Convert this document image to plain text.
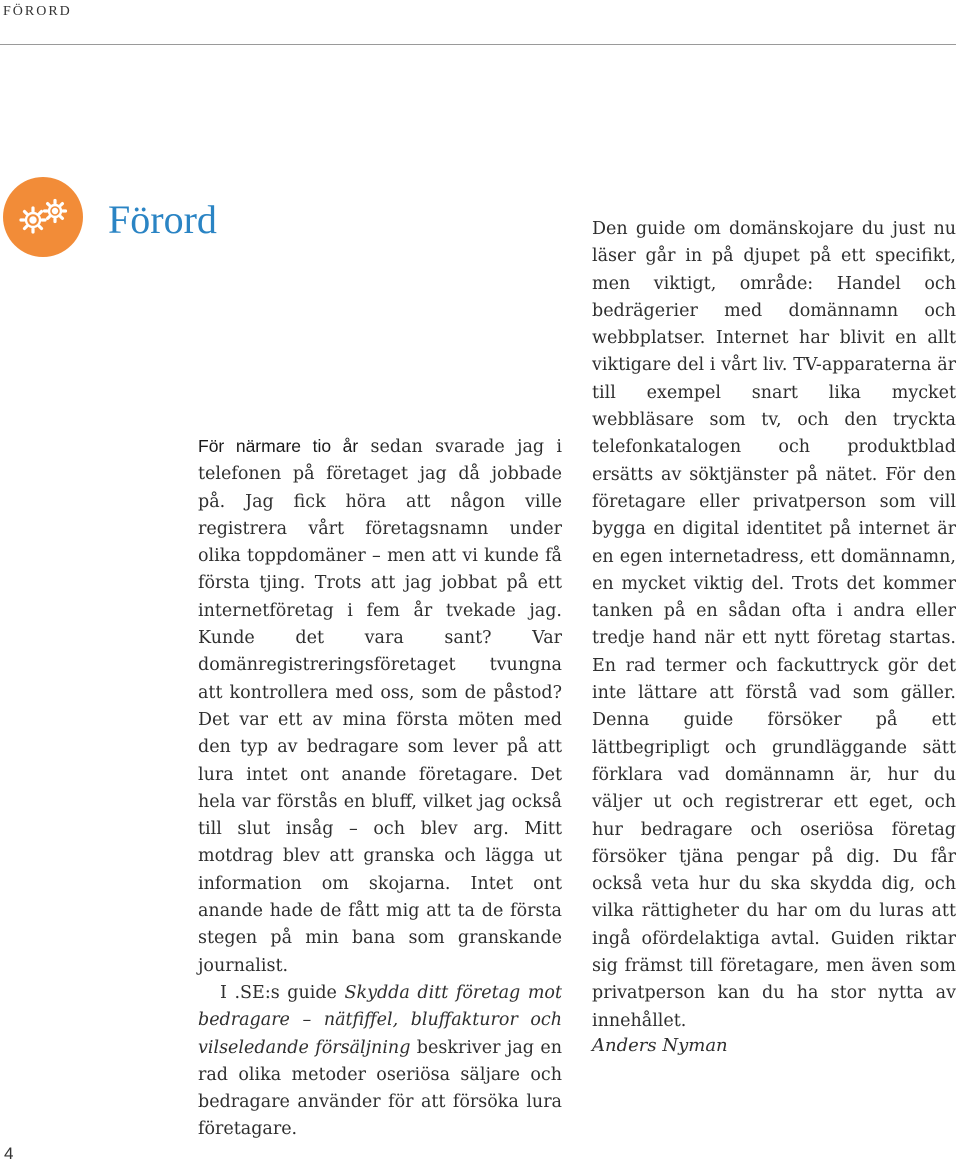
FÖRORD
Förord

För närmare tio år sedan svarade jag i telefonen på företaget jag då jobbade på. Jag fick höra att någon ville registrera vårt företagsnamn under olika toppdomäner – men att vi kunde få första tjing. Trots att jag jobbat på ett internetföretag i fem år tvekade jag. Kunde det vara sant? Var domänregistreringsföretaget tvungna att kontrollera med oss, som de påstod? Det var ett av mina första möten med den typ av bedragare som lever på att lura intet ont anande företagare. Det hela var förstås en bluff, vilket jag också till slut insåg – och blev arg. Mitt motdrag blev att granska och lägga ut information om skojarna. Intet ont anande hade de fått mig att ta de första stegen på min bana som granskande journalist.

I .SE:s guide Skydda ditt företag mot bedragare – nätfiffel, bluffakturor och vilseledande försäljning beskriver jag en rad olika metoder oseriösa säljare och bedragare använder för att försöka lura företagare.

Den guide om domänskojare du just nu läser går in på djupet på ett specifikt, men viktigt, område: Handel och bedrägerier med domännamn och webbplatser. Internet har blivit en allt viktigare del i vårt liv. TV-apparaterna är till exempel snart lika mycket webbläsare som tv, och den tryckta telefonkatalogen och produktblad ersätts av söktjänster på nätet. För den företagare eller privatperson som vill bygga en digital identitet på internet är en egen internetadress, ett domännamn, en mycket viktig del. Trots det kommer tanken på en sådan ofta i andra eller tredje hand när ett nytt företag startas. En rad termer och fackuttryck gör det inte lättare att förstå vad som gäller. Denna guide försöker på ett lättbegripligt och grundläggande sätt förklara vad domännamn är, hur du väljer ut och registrerar ett eget, och hur bedragare och oseriösa företag försöker tjäna pengar på dig. Du får också veta hur du ska skydda dig, och vilka rättigheter du har om du luras att ingå ofördelaktiga avtal. Guiden riktar sig främst till företagare, men även som privatperson kan du ha stor nytta av innehållet.

Anders Nyman
4
